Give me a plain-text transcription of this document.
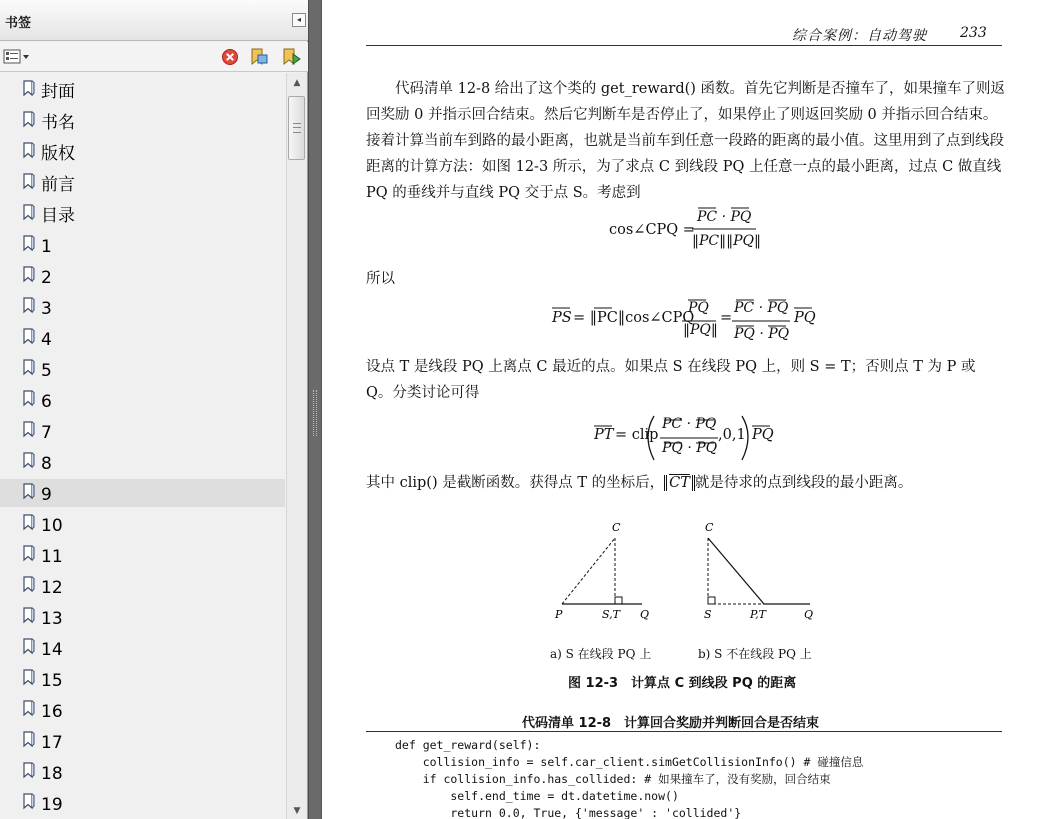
书签	◂
封面
书名
版权
前言
目录
1
2
3
4
5
6
7
8
9
10
11
12
13
14
15
16
17
18
19
▲
▼
综合案例：自动驾驶 233
代码清单 12-8 给出了这个类的 get_reward() 函数。首先它判断是否撞车了，如果撞车了则返回奖励 0 并指示回合结束。然后它判断车是否停止了，如果停止了则返回奖励 0 并指示回合结束。接着计算当前车到路的最小距离，也就是当前车到任意一段路的距离的最小值。这里用到了点到线段距离的计算方法：如图 12-3 所示，为了求点 C 到线段 PQ 上任意一点的最小距离，过点 C 做直线 PQ 的垂线并与直线 PQ 交于点 S。考虑到
cos∠CPQ =
PC · PQ
‖PC‖‖PQ‖
所以
PS = ‖PC‖cos∠CPQ
PQ
‖PQ‖
=
PC · PQ
PQ · PQ
PQ
设点 T 是线段 PQ 上离点 C 最近的点。如果点 S 在线段 PQ 上，则 S = T；否则点 T 为 P 或 Q。分类讨论可得
PT = clip
PC · PQ
PQ · PQ
,0,1 PQ
其中 clip() 是截断函数。获得点 T 的坐标后， $\overline{CT}$ 就是待求的点到线段的最小距离。
C
P	S,T Q
C
S	P,T	Q
a) S 在线段 PQ 上	b) S 不在线段 PQ 上
图 12-3　计算点 C 到线段 PQ 的距离
代码清单 12-8　计算回合奖励并判断回合是否结束
def get_reward(self):
collision_info = self.car_client.simGetCollisionInfo() # 碰撞信息
if collision_info.has_collided: # 如果撞车了，没有奖励，回合结束
self.end_time = dt.datetime.now()
return 0.0, True, {'message' : 'collided'}
